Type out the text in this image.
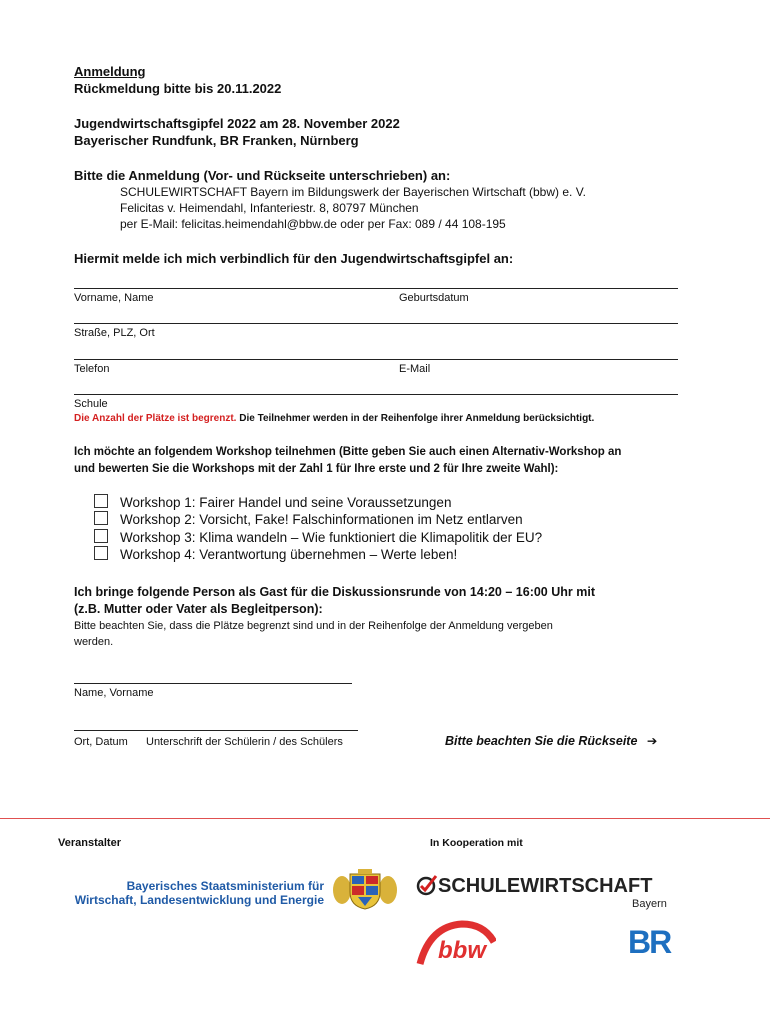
Anmeldung
Rückmeldung bitte bis 20.11.2022
Jugendwirtschaftsgipfel 2022 am 28. November 2022
Bayerischer Rundfunk, BR Franken, Nürnberg
Bitte die Anmeldung (Vor- und Rückseite unterschrieben) an:
SCHULEWIRTSCHAFT Bayern im Bildungswerk der Bayerischen Wirtschaft (bbw) e. V.
Felicitas v. Heimendahl, Infanteriestr. 8, 80797 München
per E-Mail: felicitas.heimendahl@bbw.de oder per Fax: 089 / 44 108-195
Hiermit melde ich mich verbindlich für den Jugendwirtschaftsgipfel an:
Vorname, Name	Geburtsdatum
Straße, PLZ, Ort
Telefon	E-Mail
Schule
Die Anzahl der Plätze ist begrenzt. Die Teilnehmer werden in der Reihenfolge ihrer Anmeldung berücksichtigt.
Ich möchte an folgendem Workshop teilnehmen (Bitte geben Sie auch einen Alternativ-Workshop an
und bewerten Sie die Workshops mit der Zahl 1 für Ihre erste und 2 für Ihre zweite Wahl):
Workshop 1: Fairer Handel und seine Voraussetzungen
Workshop 2: Vorsicht, Fake! Falschinformationen im Netz entlarven
Workshop 3: Klima wandeln – Wie funktioniert die Klimapolitik der EU?
Workshop 4: Verantwortung übernehmen – Werte leben!
Ich bringe folgende Person als Gast für die Diskussionsrunde von 14:20 – 16:00 Uhr mit
(z.B. Mutter oder Vater als Begleitperson):
Bitte beachten Sie, dass die Plätze begrenzt sind und in der Reihenfolge der Anmeldung vergeben
werden.
Name, Vorname
Ort, Datum Unterschrift der Schülerin / des Schülers	Bitte beachten Sie die Rückseite ➔
Veranstalter	In Kooperation mit
Bayerisches Staatsministerium für
Wirtschaft, Landesentwicklung und Energie
SCHULEWIRTSCHAFT
Bayern
bbw	BR
